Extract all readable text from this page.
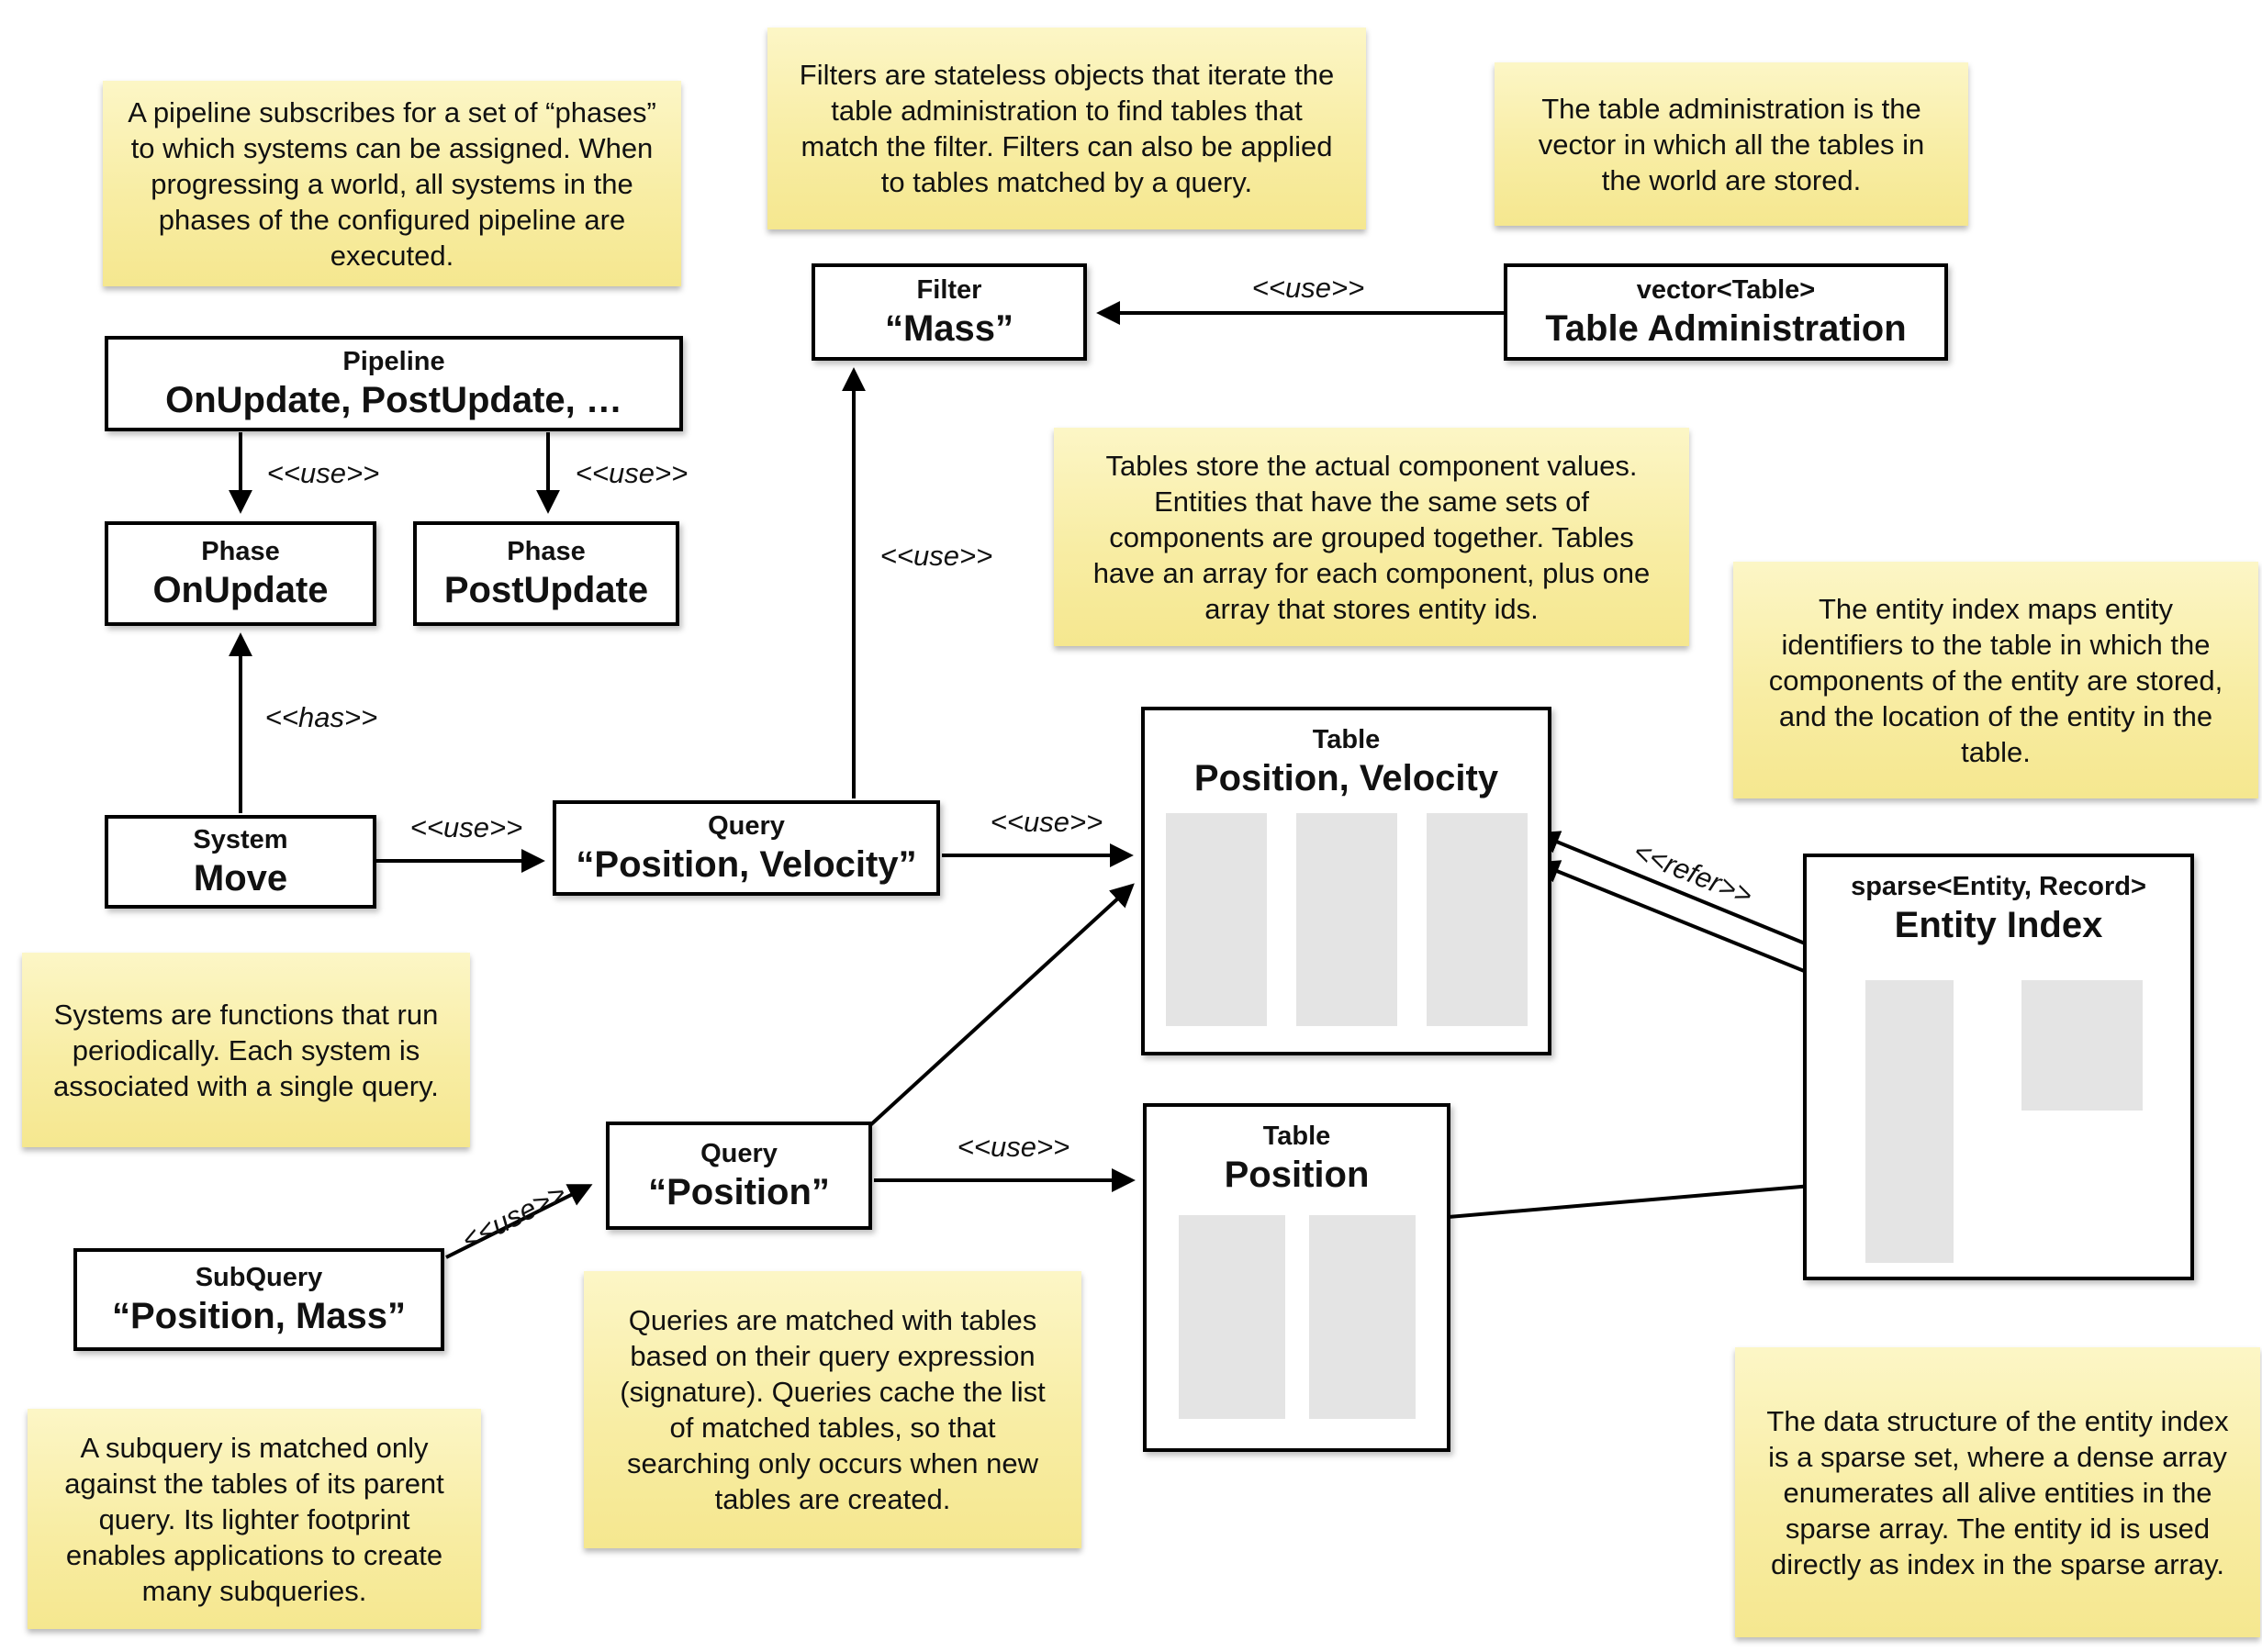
A pipeline subscribes for a set of “phases” to which systems can be assigned. When progressing a world, all systems in the phases of the configured pipeline are executed.
Filters are stateless objects that iterate the table administration to find tables that match the filter. Filters can also be applied to tables matched by a query.
The table administration is the vector in which all the tables in the world are stored.
Tables store the actual component values. Entities that have the same sets of components are grouped together. Tables have an array for each component, plus one array that stores entity ids.	The entity index maps entity identifiers to the table in which the components of the entity are stored, and the location of the entity in the table.
Systems are functions that run periodically. Each system is associated with a single query.
Queries are matched with tables based on their query expression (signature). Queries cache the list of matched tables, so that searching only occurs when new tables are created.
A subquery is matched only against the tables of its parent query. Its lighter footprint enables applications to create many subqueries.
The data structure of the entity index is a sparse set, where a dense array enumerates all alive entities in the sparse array. The entity id is used directly as index in the sparse array.
Filter
“Mass”
vector<Table>
Table Administration
Pipeline
OnUpdate, PostUpdate, …
Phase
OnUpdate
Phase
PostUpdate
System
Move
Query
“Position, Velocity”
Query
“Position”
SubQuery
“Position, Mass”
Table
Position, Velocity
Table
Position
sparse<Entity, Record>
Entity Index
<<use>>
<<use>>	<<use>>
<<has>>
<<use>>
<<use>>
<<use>>
<<use>>
<<use>>
<<refer>>
